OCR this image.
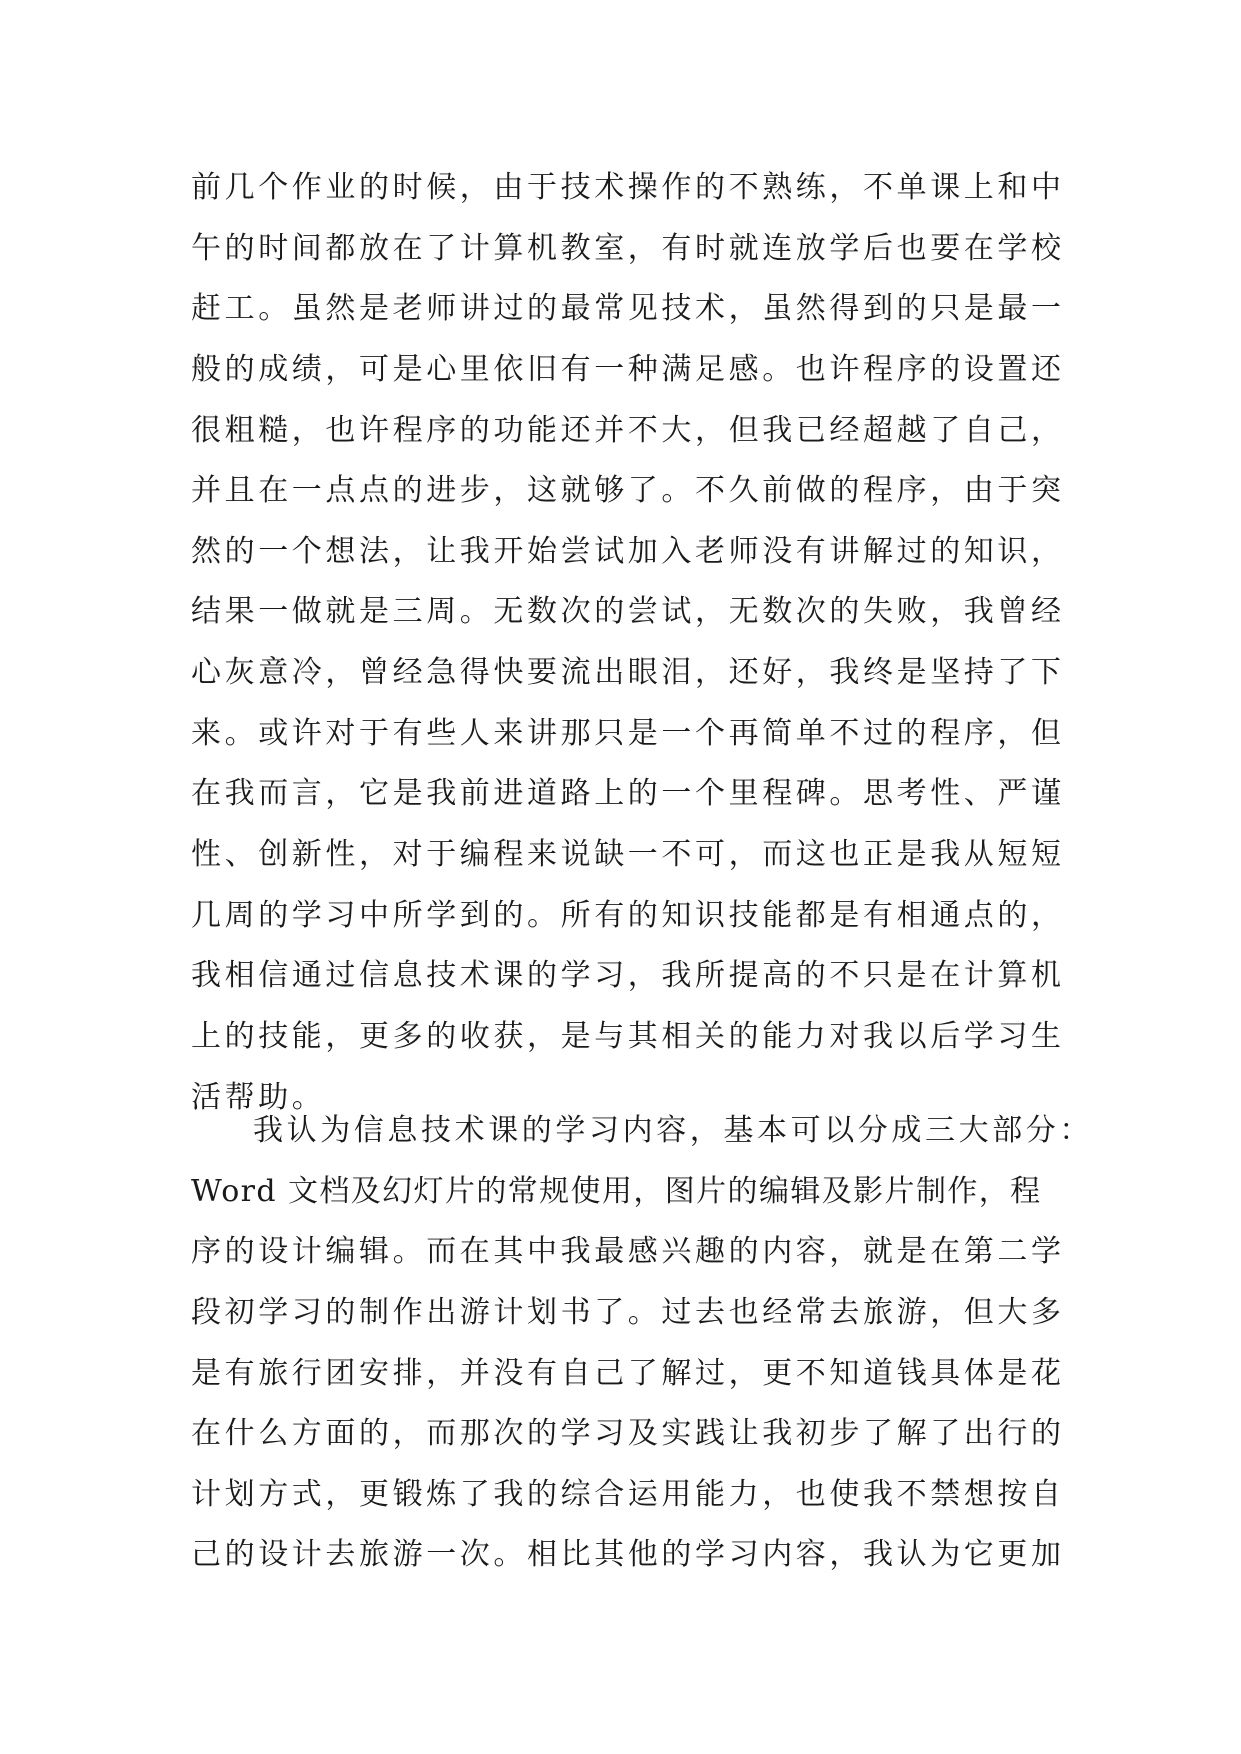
前几个作业的时候，由于技术操作的不熟练，不单课上和中
午的时间都放在了计算机教室，有时就连放学后也要在学校
赶工。虽然是老师讲过的最常见技术，虽然得到的只是最一
般的成绩，可是心里依旧有一种满足感。也许程序的设置还
很粗糙，也许程序的功能还并不大，但我已经超越了自己，
并且在一点点的进步，这就够了。不久前做的程序，由于突
然的一个想法，让我开始尝试加入老师没有讲解过的知识，
结果一做就是三周。无数次的尝试，无数次的失败，我曾经
心灰意冷，曾经急得快要流出眼泪，还好，我终是坚持了下
来。或许对于有些人来讲那只是一个再简单不过的程序，但
在我而言，它是我前进道路上的一个里程碑。思考性、严谨
性、创新性，对于编程来说缺一不可，而这也正是我从短短
几周的学习中所学到的。所有的知识技能都是有相通点的，
我相信通过信息技术课的学习，我所提高的不只是在计算机
上的技能，更多的收获，是与其相关的能力对我以后学习生
活帮助。
我认为信息技术课的学习内容，基本可以分成三大部分：
Word 文档及幻灯片的常规使用，图片的编辑及影片制作，程
序的设计编辑。而在其中我最感兴趣的内容，就是在第二学
段初学习的制作出游计划书了。过去也经常去旅游，但大多
是有旅行团安排，并没有自己了解过，更不知道钱具体是花
在什么方面的，而那次的学习及实践让我初步了解了出行的
计划方式，更锻炼了我的综合运用能力，也使我不禁想按自
己的设计去旅游一次。相比其他的学习内容，我认为它更加
